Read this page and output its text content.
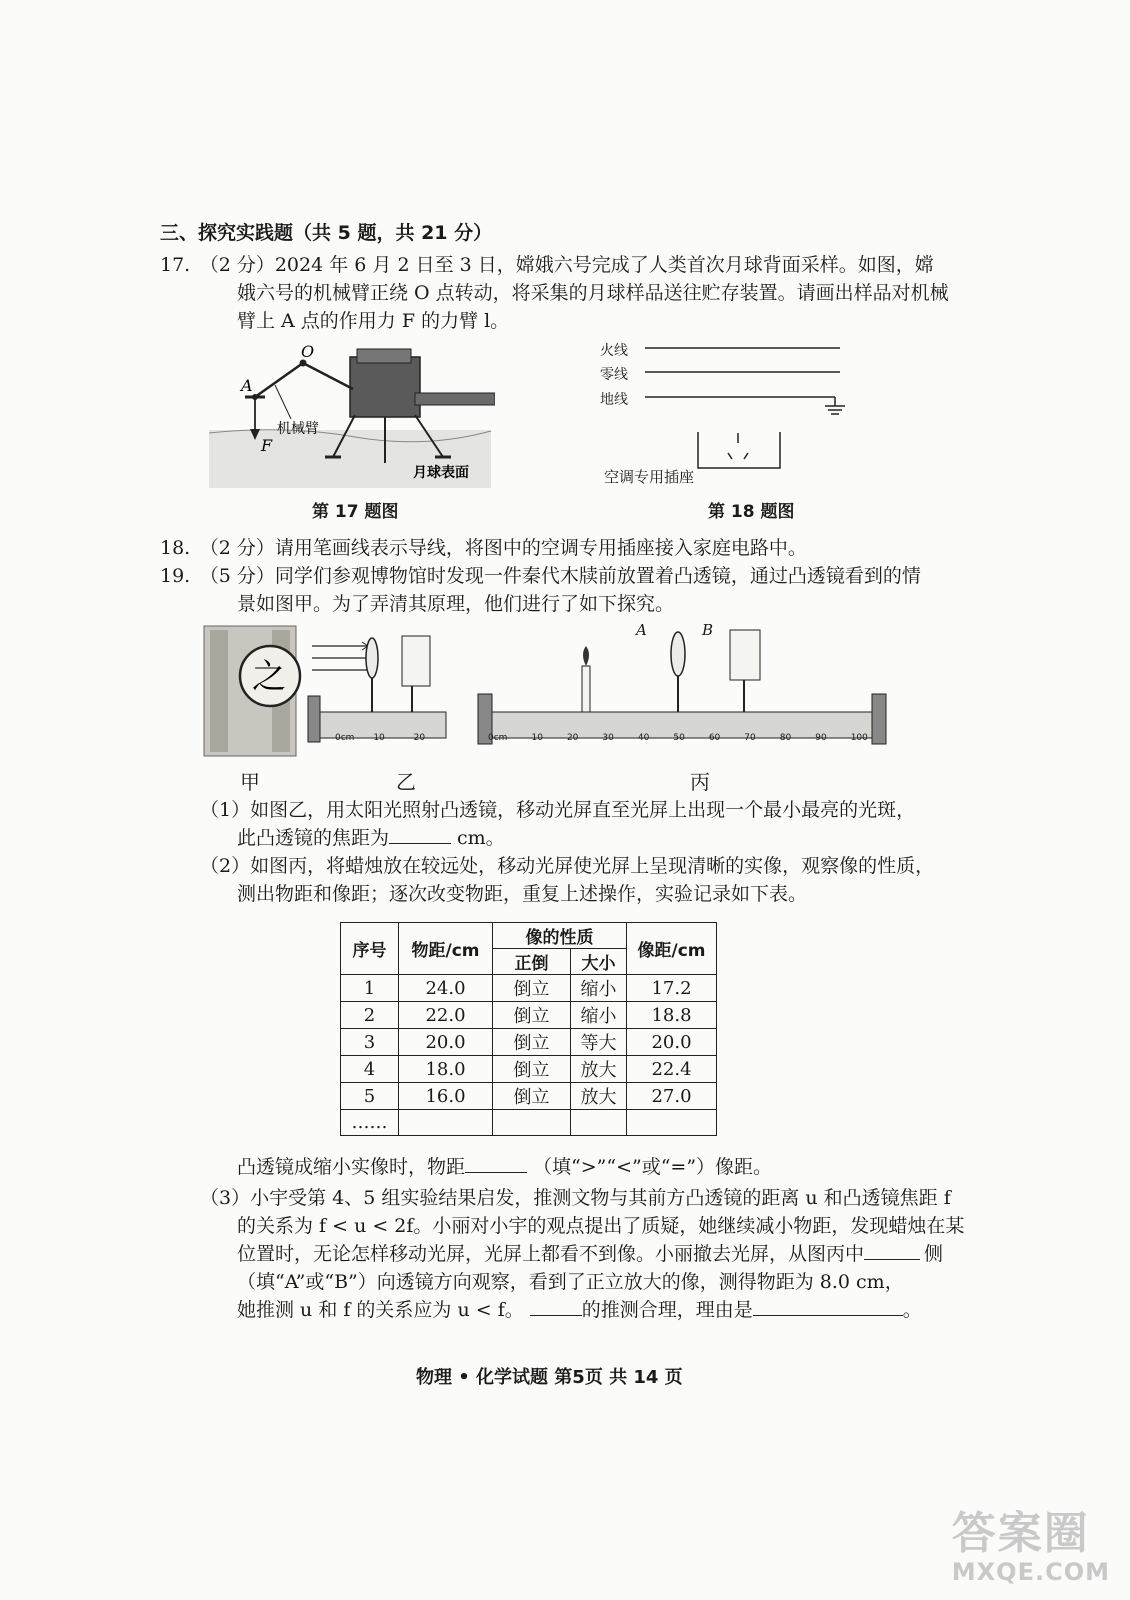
三、探究实践题（共 5 题，共 21 分）
17.　（2 分）2024 年 6 月 2 日至 3 日，嫦娥六号完成了人类首次月球背面采样。如图，嫦
娥六号的机械臂正绕 O 点转动，将采集的月球样品送往贮存装置。请画出样品对机械
臂上 A 点的作用力 F 的力臂 l。
O
A
F
机械臂
月球表面
第 17 题图
火线
零线
地线
空调专用插座
第 18 题图
18.　（2 分）请用笔画线表示导线，将图中的空调专用插座接入家庭电路中。
19.　（5 分）同学们参观博物馆时发现一件秦代木牍前放置着凸透镜，通过凸透镜看到的情
景如图甲。为了弄清其原理，他们进行了如下探究。
之
A	B
0cm 10	20	0cm	10	20	30	40	50	60	70	80	90	100
甲	乙	丙
（1）如图乙，用太阳光照射凸透镜，移动光屏直至光屏上出现一个最小最亮的光斑，
此凸透镜的焦距为	cm。
（2）如图丙，将蜡烛放在较远处，移动光屏使光屏上呈现清晰的实像，观察像的性质，
测出物距和像距；逐次改变物距，重复上述操作，实验记录如下表。
序号	物距/cm	像的性质		像距/cm
		正倒	大小	
1	24.0	倒立	缩小	17.2
2	22.0	倒立	缩小	18.8
3	20.0	倒立	等大	20.0
4	18.0	倒立	放大	22.4
5	16.0	倒立	放大	27.0
……				
凸透镜成缩小实像时，物距	（填“>”“<”或“=”）像距。
（3）小宇受第 4、5 组实验结果启发，推测文物与其前方凸透镜的距离 u 和凸透镜焦距 f
的关系为 f < u < 2f。小丽对小宇的观点提出了质疑，她继续减小物距，发现蜡烛在某
位置时，无论怎样移动光屏，光屏上都看不到像。小丽撤去光屏，从图丙中	侧
（填“A”或“B”）向透镜方向观察，看到了正立放大的像，测得物距为 8.0 cm，
她推测 u 和 f 的关系应为 u < f。	的推测合理，理由是	。
物理 • 化学试题 第5页 共 14 页
答案圈
MXQE.COM
